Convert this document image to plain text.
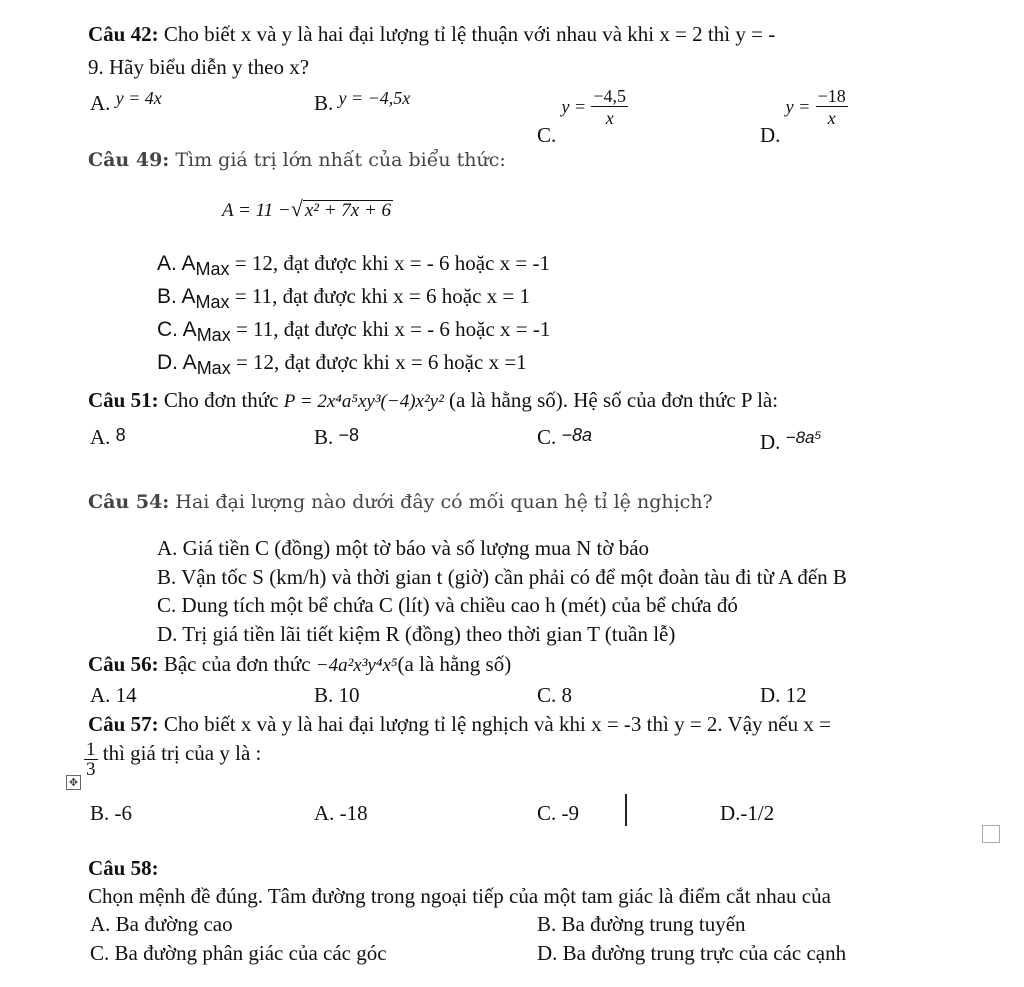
Câu 42: Cho biết x và y là hai đại lượng tỉ lệ thuận với nhau và khi x = 2 thì y = -
9. Hãy biểu diễn y theo x?
A. y = 4x	B. y = −4,5x
C. $y = \frac{-4,5}{x}$
D. $y = \frac{-18}{x}$
Câu 49: Tìm giá trị lớn nhất của biểu thức:
A = 11 −√ x² + 7x + 6
A. AMax = 12, đạt được khi x = - 6 hoặc x = -1
B. AMax = 11, đạt được khi x = 6 hoặc x = 1
C. AMax = 11, đạt được khi x = - 6 hoặc x = -1
D. AMax = 12, đạt được khi x = 6 hoặc x =1
Câu 51: Cho đơn thức P = 2x⁴a⁵xy³(−4)x²y² (a là hằng số). Hệ số của đơn thức P là:
A. 8	B. −8	C. −8a	D. $^{-8a^5}$
Câu 54: Hai đại lượng nào dưới đây có mối quan hệ tỉ lệ nghịch?
A. Giá tiền C (đồng) một tờ báo và số lượng mua N tờ báo
B. Vận tốc S (km/h) và thời gian t (giờ) cần phải có để một đoàn tàu đi từ A đến B
C. Dung tích một bể chứa C (lít) và chiều cao h (mét) của bể chứa đó
D. Trị giá tiền lãi tiết kiệm R (đồng) theo thời gian T (tuần lễ)
Câu 56: Bậc của đơn thức −4a²x³y⁴x⁵(a là hằng số)
A. 14	B. 10	C. 8	D. 12
Câu 57: Cho biết x và y là hai đại lượng tỉ lệ nghịch và khi x = -3 thì y = 2. Vậy nếu x =
✥
$\frac{1}{3}$ thì giá trị của y là :
B. -6	A. -18	C. -9	D.-1/2
Câu 58:
Chọn mệnh đề đúng. Tâm đường trong ngoại tiếp của một tam giác là điểm cắt nhau của
A. Ba đường cao	B. Ba đường trung tuyến
C. Ba đường phân giác của các góc	D. Ba đường trung trực của các cạnh
